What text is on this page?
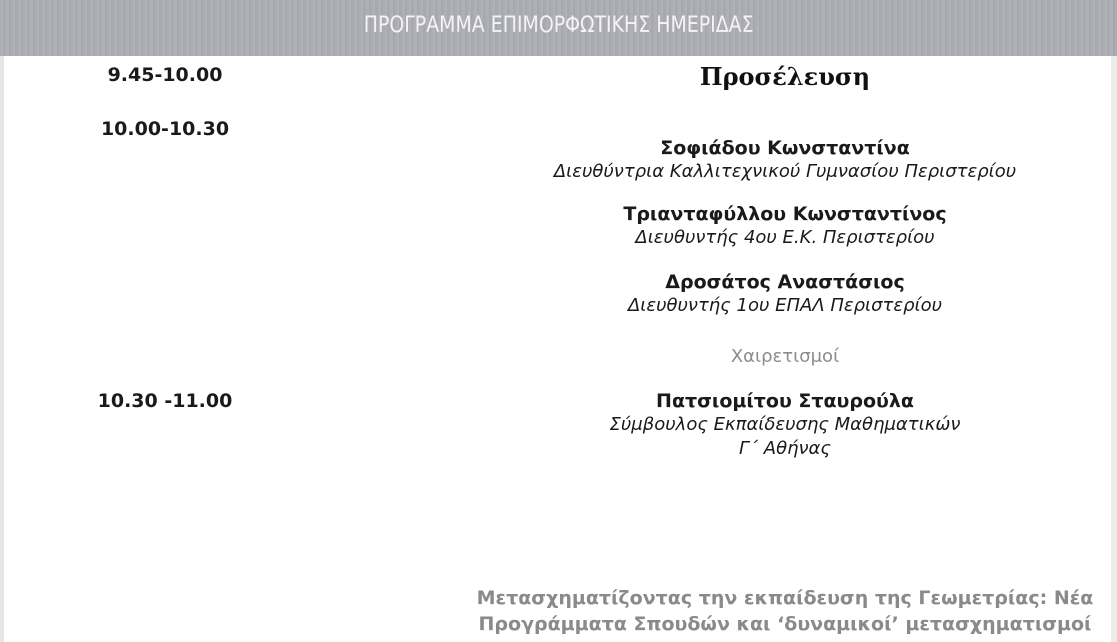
ΠΡΟΓΡΑΜΜΑ ΕΠΙΜΟΡΦΩΤΙΚΗΣ ΗΜΕΡΙΔΑΣ
9.45-10.00	Προσέλευση
10.00-10.30
Σοφιάδου Κωνσταντίνα
Διευθύντρια Καλλιτεχνικού Γυμνασίου Περιστερίου
Τριανταφύλλου Κωνσταντίνος
Διευθυντής 4ου Ε.Κ. Περιστερίου
Δροσάτος Αναστάσιος
Διευθυντής 1ου ΕΠΑΛ Περιστερίου
Χαιρετισμοί
10.30 -11.00	Πατσιομίτου Σταυρούλα
Σύμβουλος Εκπαίδευσης Μαθηματικών
Γ΄ Αθήνας
Μετασχηματίζοντας την εκπαίδευση της Γεωμετρίας: Νέα
Προγράμματα Σπουδών και ‘δυναμικοί’ μετασχηματισμοί
